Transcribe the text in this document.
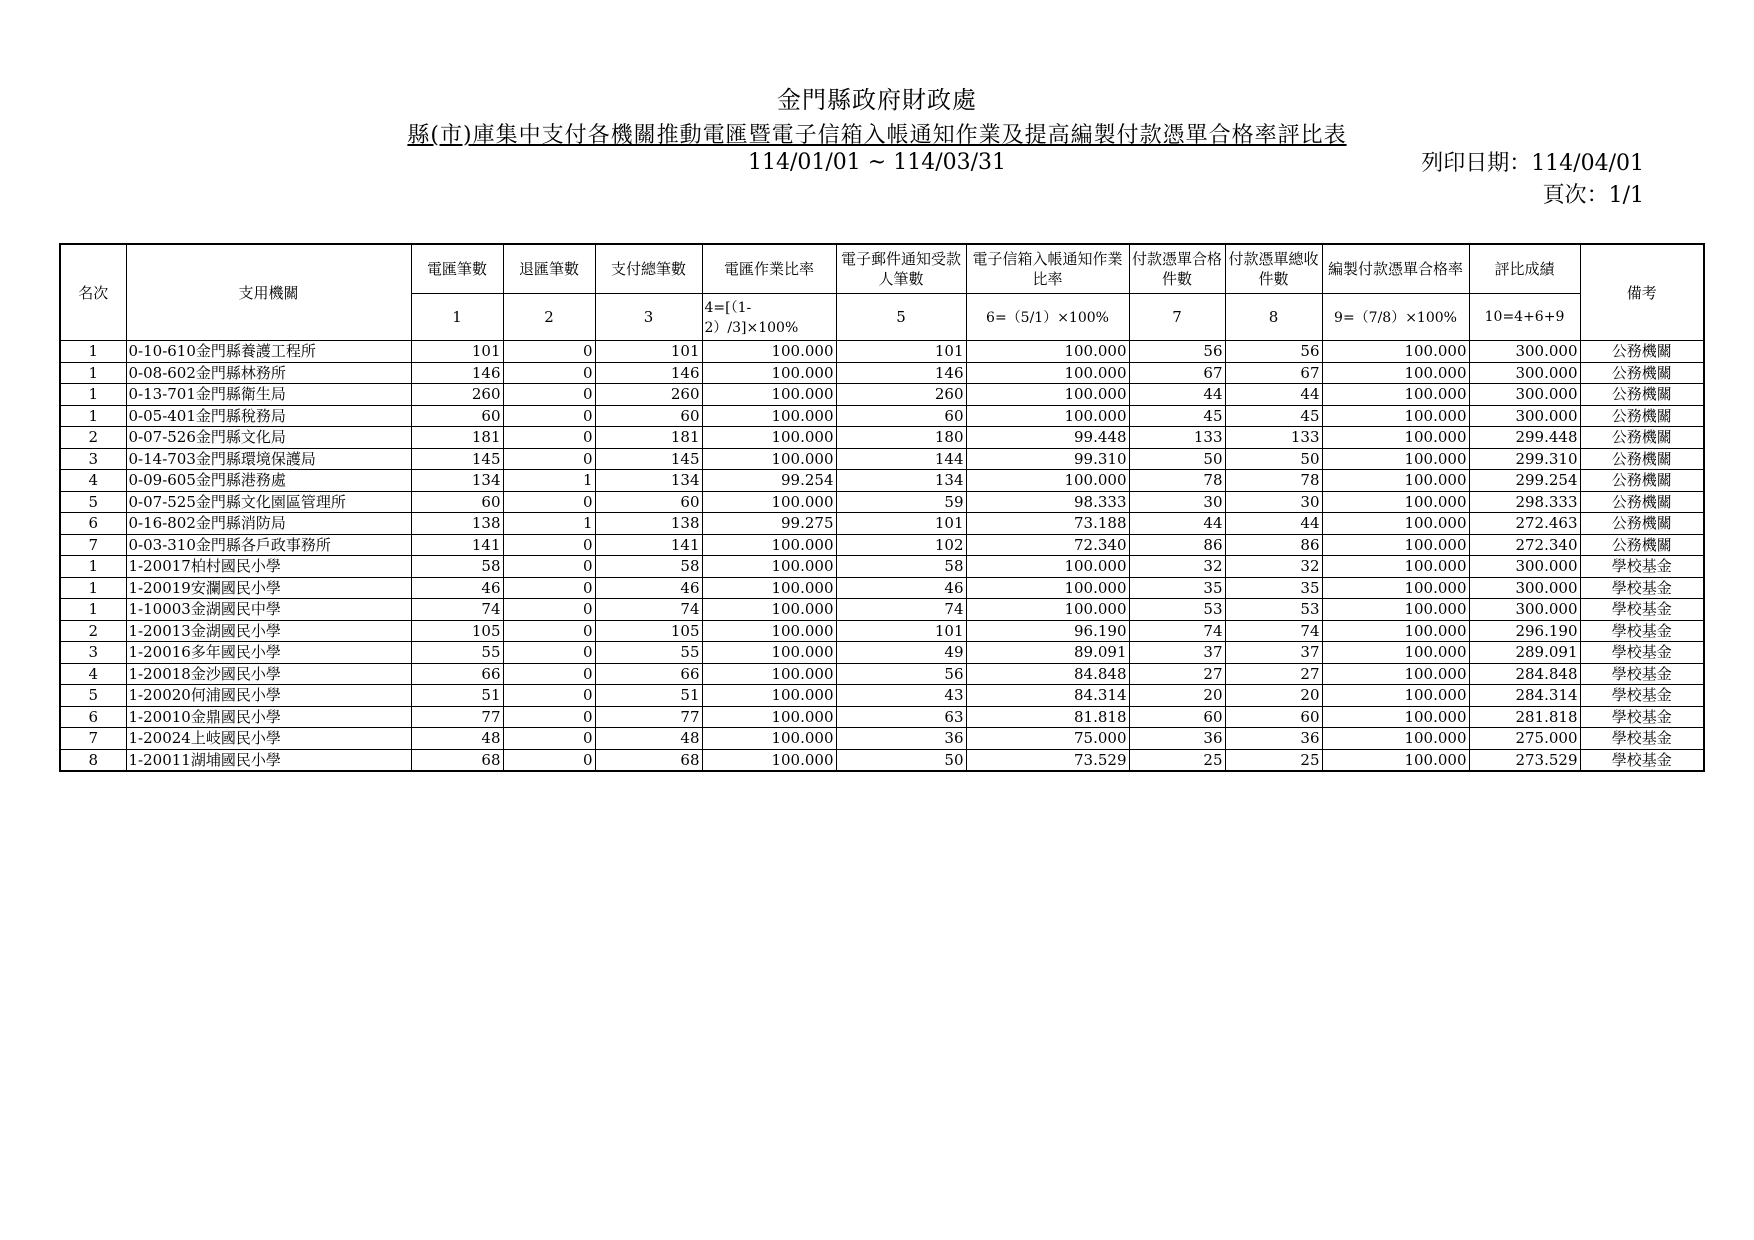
金門縣政府財政處
縣(市)庫集中支付各機關推動電匯暨電子信箱入帳通知作業及提高編製付款憑單合格率評比表
114/01/01 ~ 114/03/31	列印日期：114/04/01
頁次：1/1
名次	支用機關	電匯筆數	退匯筆數	支付總筆數	電匯作業比率	電子郵件通知受款人筆數	電子信箱入帳通知作業比率	付款憑單合格件數	付款憑單總收件數	編製付款憑單合格率	評比成績	備考
		1	2	3	4=[（1-2）/3]×100%	5	6=（5/1）×100%	7	8	9=（7/8）×100%	10=4+6+9	
1	0-10-610金門縣養護工程所	101	0	101	100.000	101	100.000	56	56	100.000	300.000	公務機關
1	0-08-602金門縣林務所	146	0	146	100.000	146	100.000	67	67	100.000	300.000	公務機關
1	0-13-701金門縣衛生局	260	0	260	100.000	260	100.000	44	44	100.000	300.000	公務機關
1	0-05-401金門縣稅務局	60	0	60	100.000	60	100.000	45	45	100.000	300.000	公務機關
2	0-07-526金門縣文化局	181	0	181	100.000	180	99.448	133	133	100.000	299.448	公務機關
3	0-14-703金門縣環境保護局	145	0	145	100.000	144	99.310	50	50	100.000	299.310	公務機關
4	0-09-605金門縣港務處	134	1	134	99.254	134	100.000	78	78	100.000	299.254	公務機關
5	0-07-525金門縣文化園區管理所	60	0	60	100.000	59	98.333	30	30	100.000	298.333	公務機關
6	0-16-802金門縣消防局	138	1	138	99.275	101	73.188	44	44	100.000	272.463	公務機關
7	0-03-310金門縣各戶政事務所	141	0	141	100.000	102	72.340	86	86	100.000	272.340	公務機關
1	1-20017柏村國民小學	58	0	58	100.000	58	100.000	32	32	100.000	300.000	學校基金
1	1-20019安瀾國民小學	46	0	46	100.000	46	100.000	35	35	100.000	300.000	學校基金
1	1-10003金湖國民中學	74	0	74	100.000	74	100.000	53	53	100.000	300.000	學校基金
2	1-20013金湖國民小學	105	0	105	100.000	101	96.190	74	74	100.000	296.190	學校基金
3	1-20016多年國民小學	55	0	55	100.000	49	89.091	37	37	100.000	289.091	學校基金
4	1-20018金沙國民小學	66	0	66	100.000	56	84.848	27	27	100.000	284.848	學校基金
5	1-20020何浦國民小學	51	0	51	100.000	43	84.314	20	20	100.000	284.314	學校基金
6	1-20010金鼎國民小學	77	0	77	100.000	63	81.818	60	60	100.000	281.818	學校基金
7	1-20024上岐國民小學	48	0	48	100.000	36	75.000	36	36	100.000	275.000	學校基金
8	1-20011湖埔國民小學	68	0	68	100.000	50	73.529	25	25	100.000	273.529	學校基金
